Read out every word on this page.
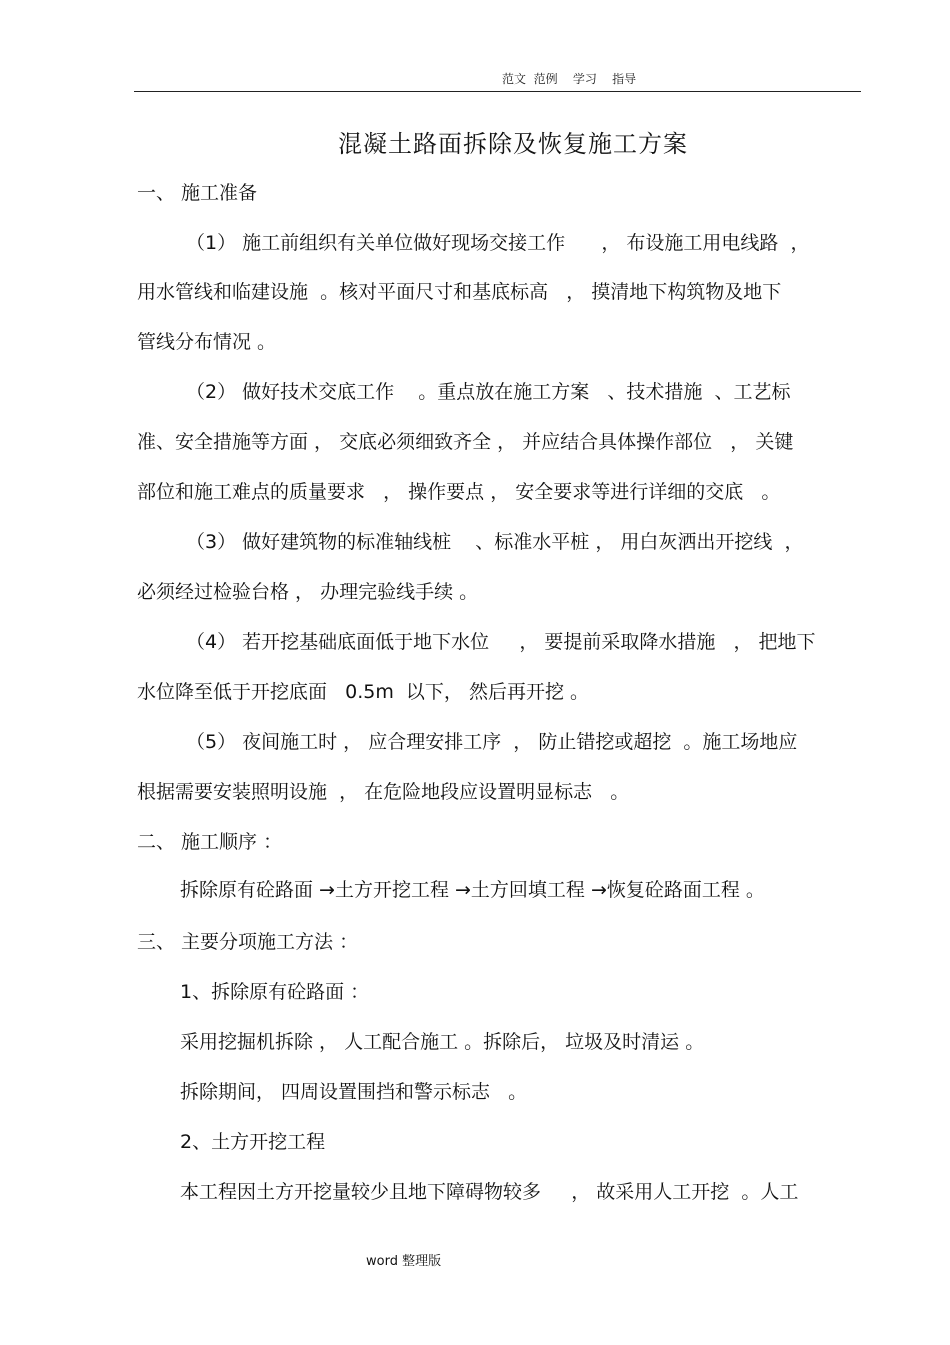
范文  范例    学习    指导
混凝土路面拆除及恢复施工方案
一、 施工准备
（1） 施工前组织有关单位做好现场交接工作      ， 布设施工用电线路  ，
用水管线和临建设施  。核对平面尺寸和基底标高   ， 摸清地下构筑物及地下
管线分布情况 。
（2） 做好技术交底工作    。重点放在施工方案   、技术措施  、工艺标
准、安全措施等方面 ， 交底必须细致齐全 ， 并应结合具体操作部位   ， 关键
部位和施工难点的质量要求   ， 操作要点 ， 安全要求等进行详细的交底   。
（3） 做好建筑物的标准轴线桩    、标准水平桩 ， 用白灰洒出开挖线  ，
必须经过检验台格 ， 办理完验线手续 。
（4） 若开挖基础底面低于地下水位     ， 要提前采取降水措施   ， 把地下
水位降至低于开挖底面   0.5m  以下， 然后再开挖 。
（5） 夜间施工时 ， 应合理安排工序  ， 防止错挖或超挖  。施工场地应
根据需要安装照明设施  ， 在危险地段应设置明显标志   。
二、 施工顺序 ：
拆除原有砼路面 →土方开挖工程 →土方回填工程 →恢复砼路面工程 。
三、 主要分项施工方法 ：
1、拆除原有砼路面 ：
采用挖掘机拆除 ， 人工配合施工 。拆除后， 垃圾及时清运 。
拆除期间， 四周设置围挡和警示标志   。
2、土方开挖工程
本工程因土方开挖量较少且地下障碍物较多     ， 故采用人工开挖  。人工
word 整理版
